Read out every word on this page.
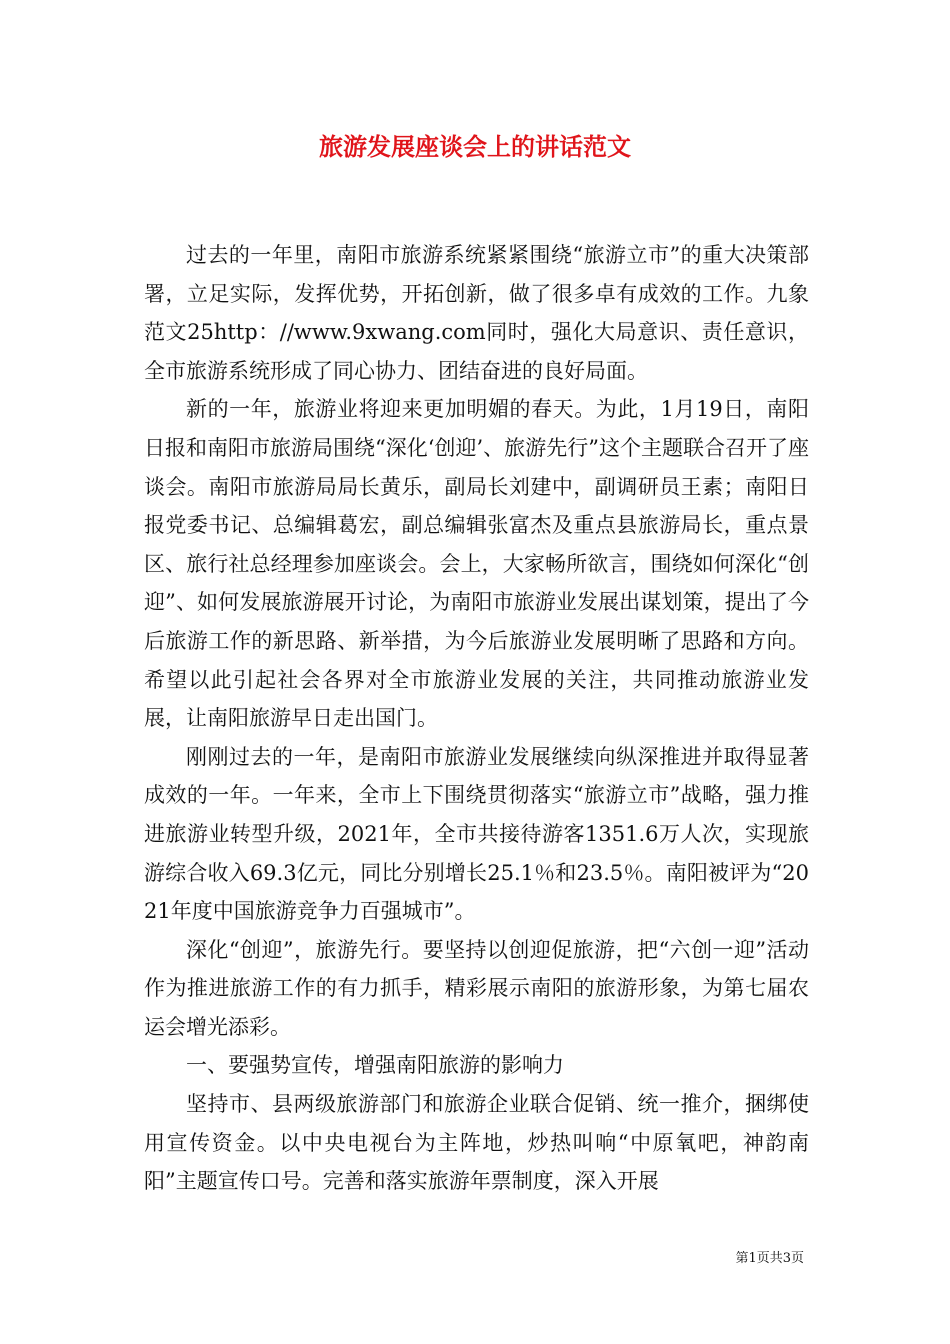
旅游发展座谈会上的讲话范文

过去的一年里，南阳市旅游系统紧紧围绕“旅游立市”的重大决策部署，立足实际，发挥优势，开拓创新，做了很多卓有成效的工作。九象范文25http：//www.9xwang.com同时，强化大局意识、责任意识，全市旅游系统形成了同心协力、团结奋进的良好局面。

新的一年，旅游业将迎来更加明媚的春天。为此，1月19日，南阳日报和南阳市旅游局围绕“深化‘创迎’、旅游先行”这个主题联合召开了座谈会。南阳市旅游局局长黄乐，副局长刘建中，副调研员王素；南阳日报党委书记、总编辑葛宏，副总编辑张富杰及重点县旅游局长，重点景区、旅行社总经理参加座谈会。会上，大家畅所欲言，围绕如何深化“创迎”、如何发展旅游展开讨论，为南阳市旅游业发展出谋划策，提出了今后旅游工作的新思路、新举措，为今后旅游业发展明晰了思路和方向。希望以此引起社会各界对全市旅游业发展的关注，共同推动旅游业发展，让南阳旅游早日走出国门。

刚刚过去的一年，是南阳市旅游业发展继续向纵深推进并取得显著成效的一年。一年来，全市上下围绕贯彻落实“旅游立市”战略，强力推进旅游业转型升级，2021年，全市共接待游客1351.6万人次，实现旅游综合收入69.3亿元，同比分别增长25.1％和23.5％。南阳被评为“2021年度中国旅游竞争力百强城市”。

深化“创迎”，旅游先行。要坚持以创迎促旅游，把“六创一迎”活动作为推进旅游工作的有力抓手，精彩展示南阳的旅游形象，为第七届农运会增光添彩。

一、要强势宣传，增强南阳旅游的影响力

坚持市、县两级旅游部门和旅游企业联合促销、统一推介，捆绑使用宣传资金。以中央电视台为主阵地，炒热叫响“中原氧吧，神韵南阳”主题宣传口号。完善和落实旅游年票制度，深入开展

第1页共3页
